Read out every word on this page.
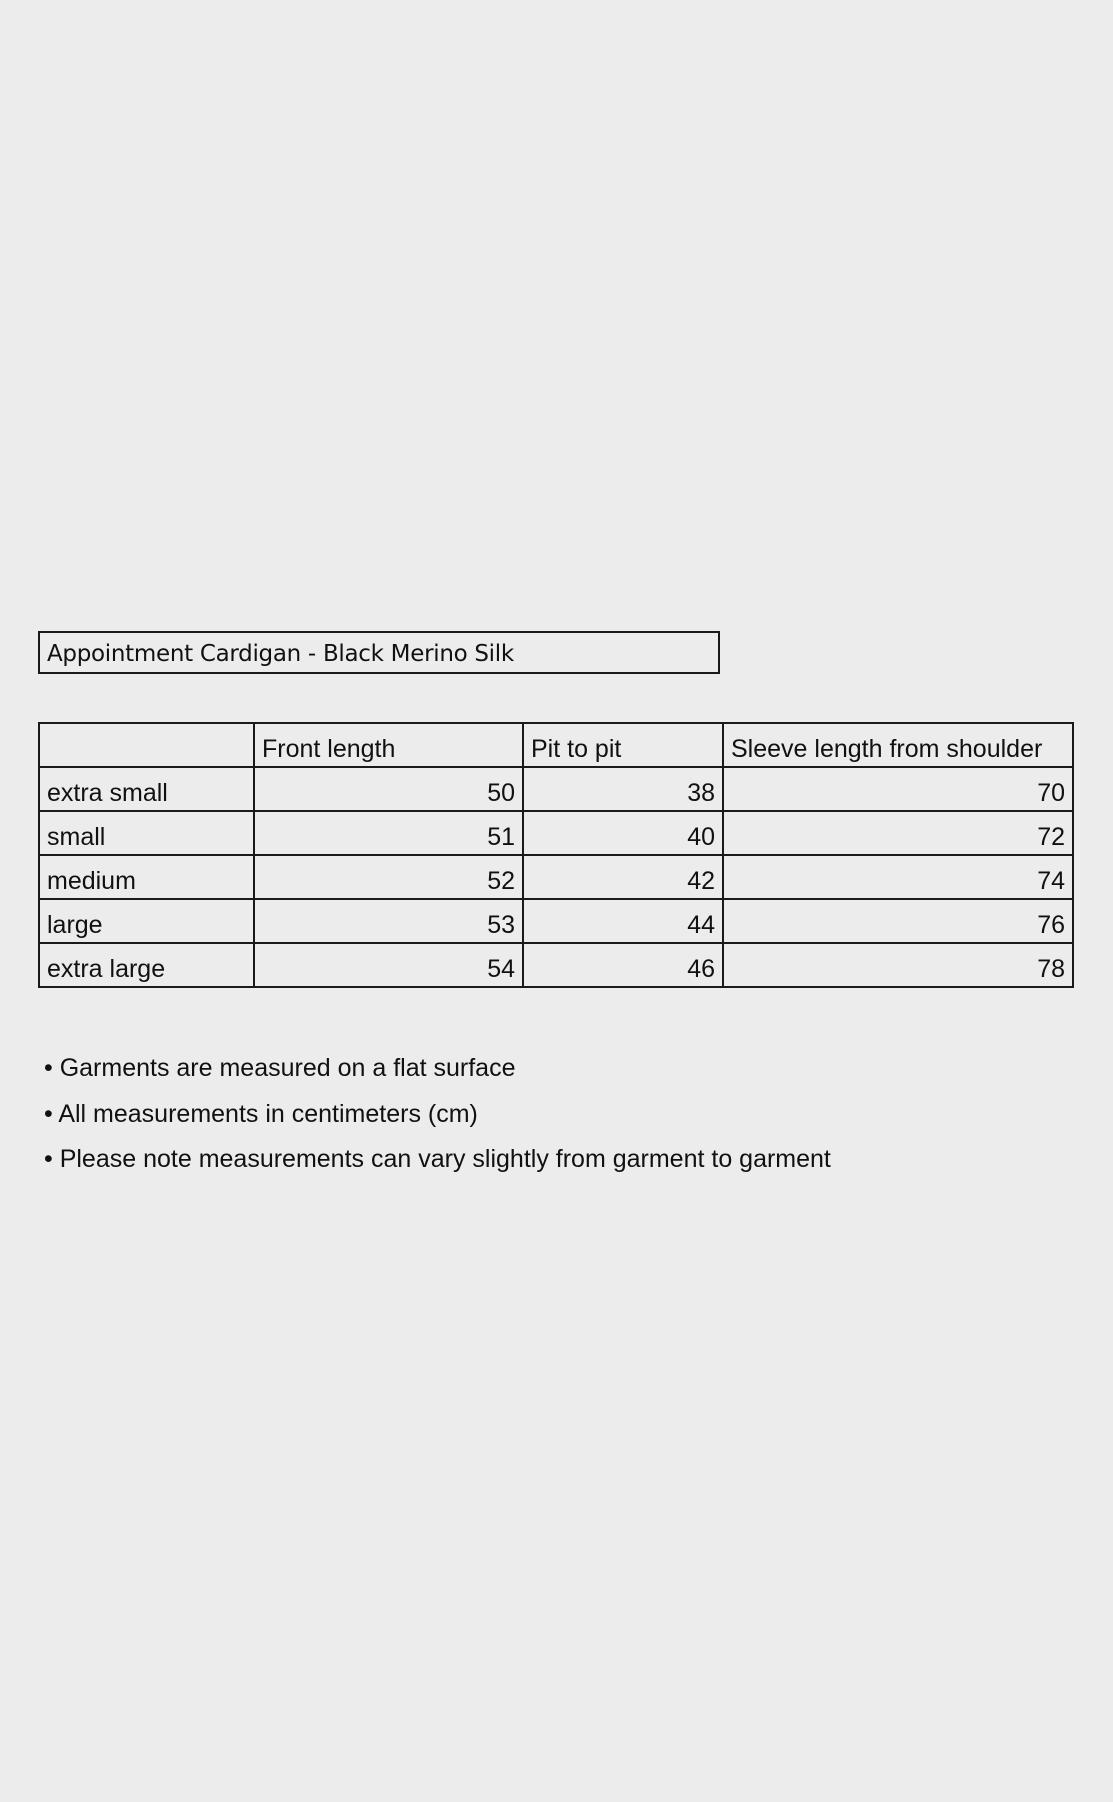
Appointment Cardigan - Black Merino Silk
	Front length	Pit to pit	Sleeve length from shoulder
extra small	50	38	70
small	51	40	72
medium	52	42	74
large	53	44	76
extra large	54	46	78
• Garments are measured on a flat surface
• All measurements in centimeters (cm)
• Please note measurements can vary slightly from garment to garment
